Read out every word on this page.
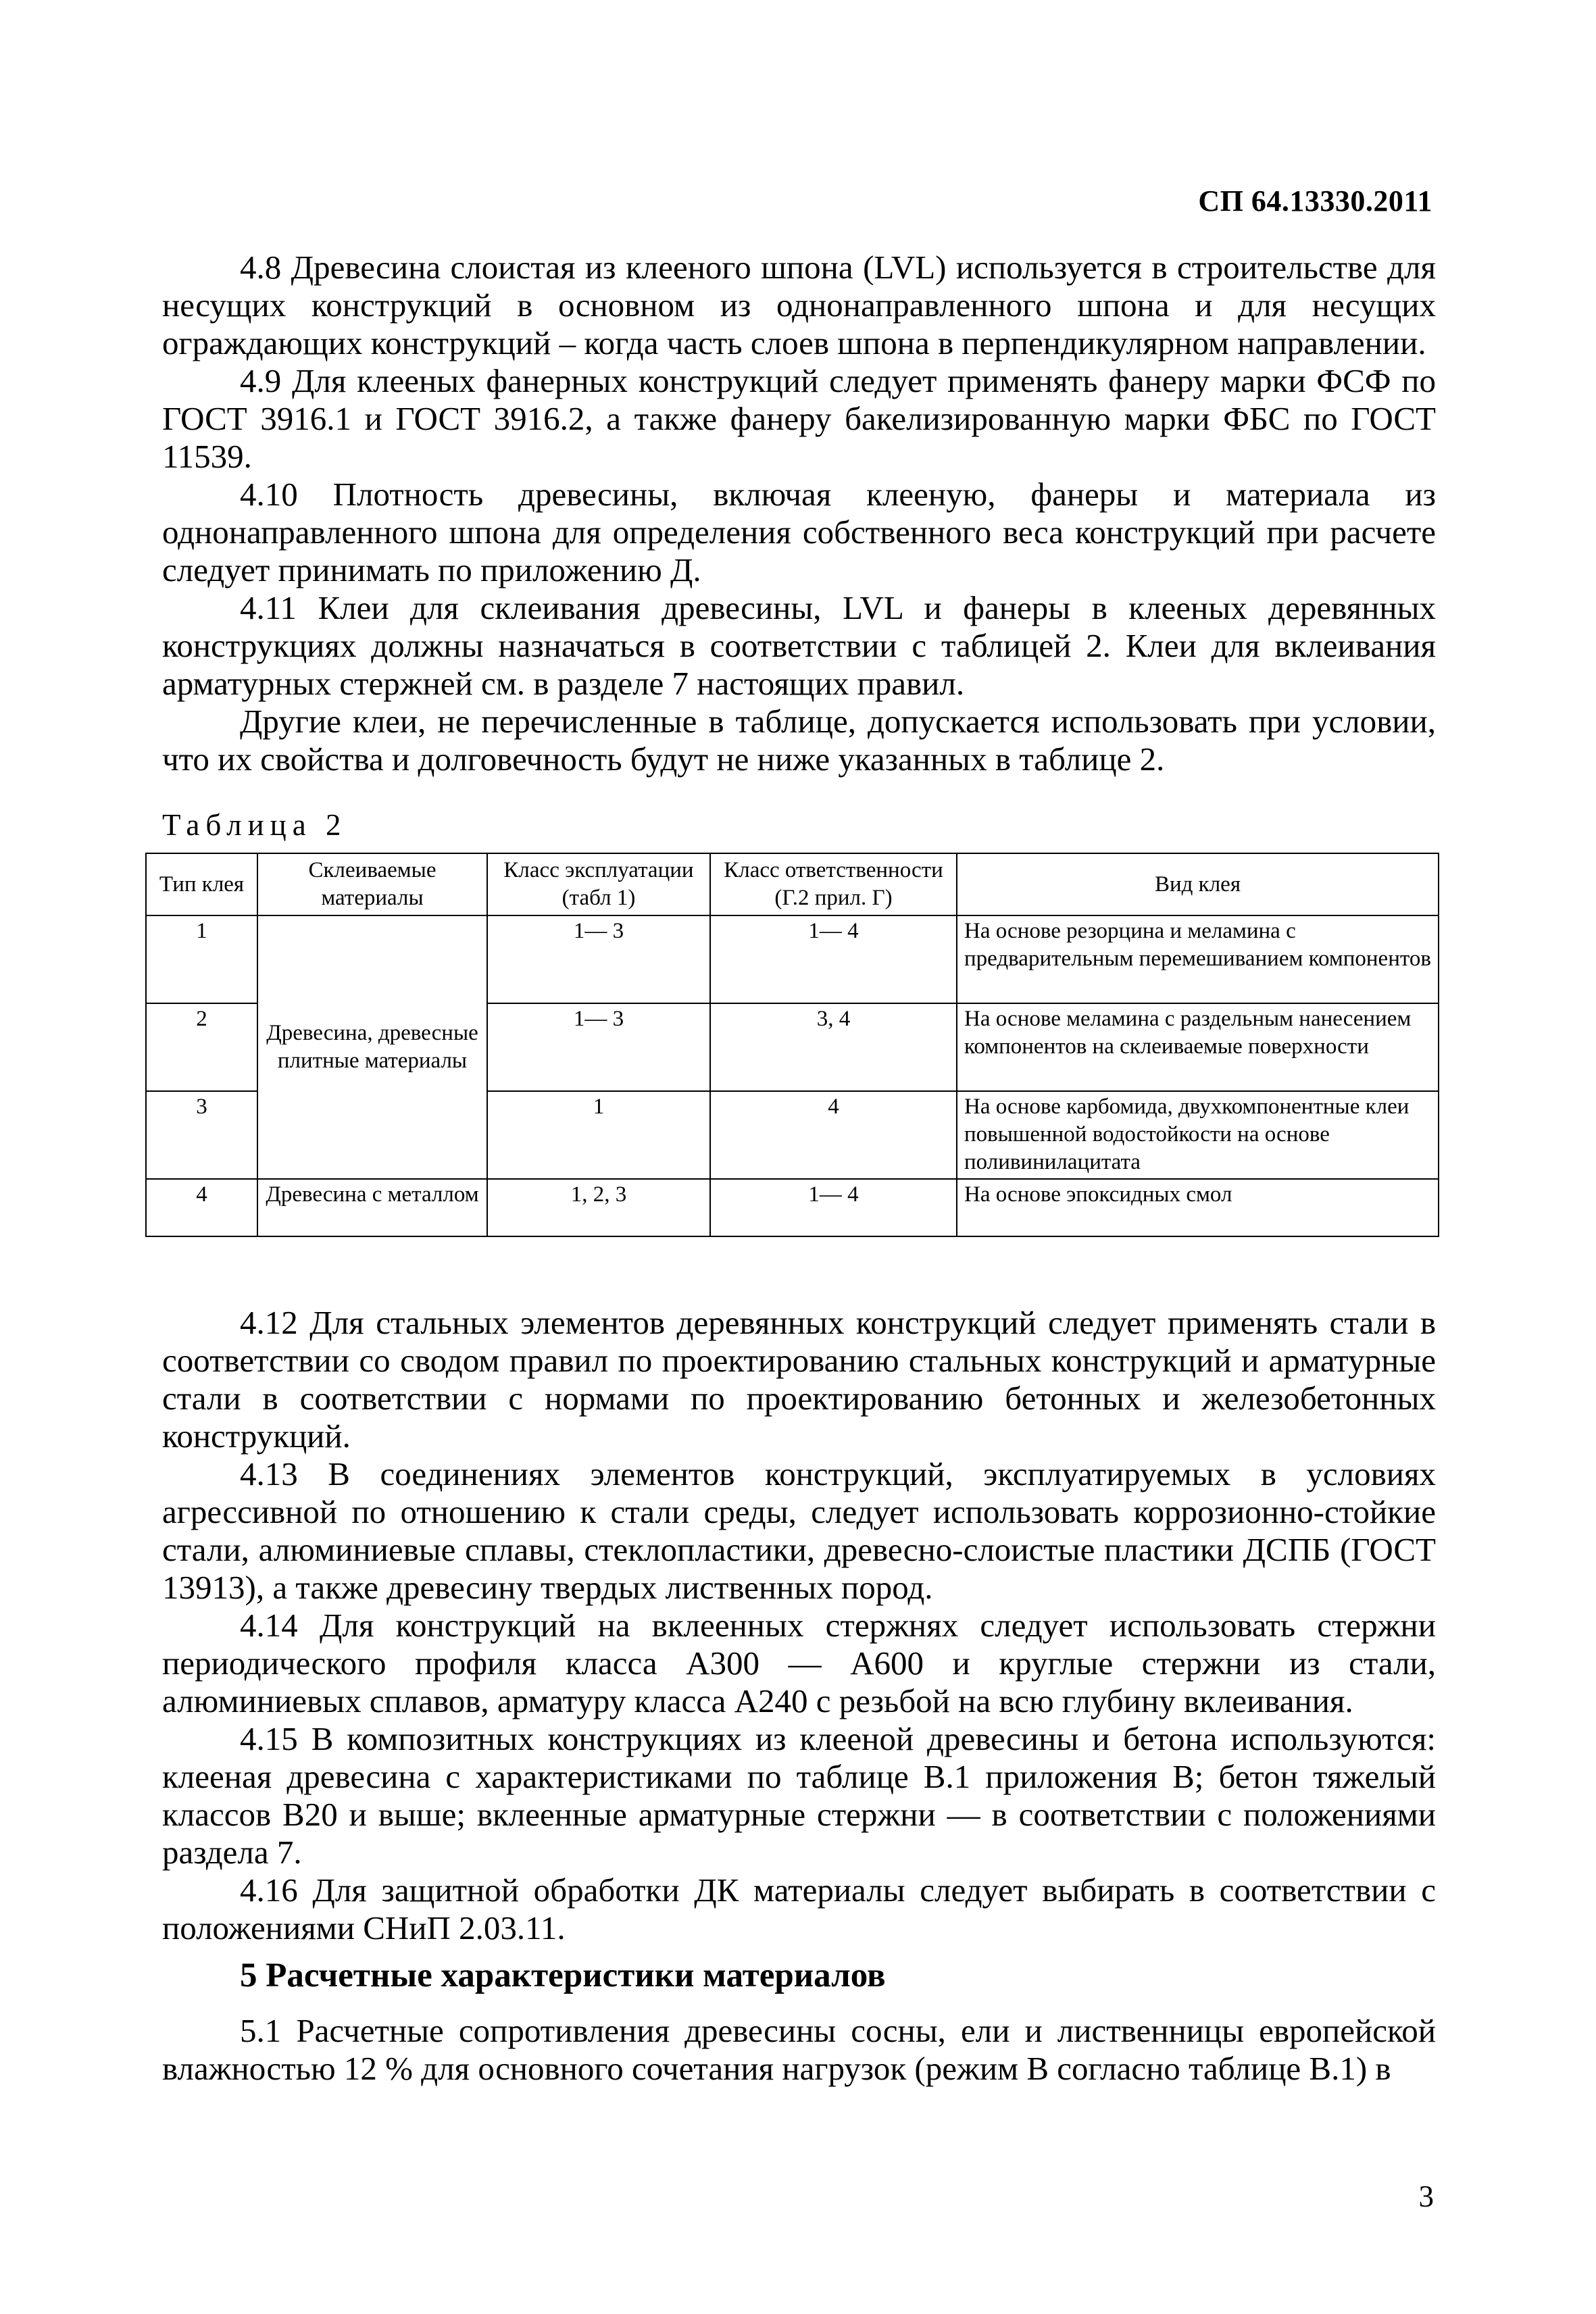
СП 64.13330.2011

4.8 Древесина слоистая из клееного шпона (LVL) используется в строительстве для несущих конструкций в основном из однонаправленного шпона и для несущих ограждающих конструкций – когда часть слоев шпона в перпендикулярном направлении.

4.9 Для клееных фанерных конструкций следует применять фанеру марки ФСФ по ГОСТ 3916.1 и ГОСТ 3916.2, а также фанеру бакелизированную марки ФБС по ГОСТ 11539.

4.10 Плотность древесины, включая клееную, фанеры и материала из однонаправленного шпона для определения собственного веса конструкций при расчете следует принимать по приложению Д.

4.11 Клеи для склеивания древесины, LVL и фанеры в клееных деревянных конструкциях должны назначаться в соответствии с таблицей 2. Клеи для вклеивания арматурных стержней см. в разделе 7 настоящих правил.

Другие клеи, не перечисленные в таблице, допускается использовать при условии, что их свойства и долговечность будут не ниже указанных в таблице 2.

Таблица 2
Тип клея	Склеиваемые материалы	Класс эксплуатации (табл 1)	Класс ответственности (Г.2 прил. Г)	Вид клея
1	Древесина, древесные плитные материалы	1— 3	1— 4	На основе резорцина и меламина с предварительным перемешиванием компонентов
2		1— 3	3, 4	На основе меламина с раздельным нанесением компонентов на склеиваемые поверхности
3		1	4	На основе карбомида, двухкомпонентные клеи повышенной водостойкости на основе поливинилацитата
4	Древесина с металлом	1, 2, 3	1— 4	На основе эпоксидных смол

4.12 Для стальных элементов деревянных конструкций следует применять стали в соответствии со сводом правил по проектированию стальных конструкций и арматурные стали в соответствии с нормами по проектированию бетонных и железобетонных конструкций.

4.13 В соединениях элементов конструкций, эксплуатируемых в условиях агрессивной по отношению к стали среды, следует использовать коррозионно-стойкие стали, алюминиевые сплавы, стеклопластики, древесно-слоистые пластики ДСПБ (ГОСТ 13913), а также древесину твердых лиственных пород.

4.14 Для конструкций на вклеенных стержнях следует использовать стержни периодического профиля класса А300 — А600 и круглые стержни из стали, алюминиевых сплавов, арматуру класса А240 с резьбой на всю глубину вклеивания.

4.15 В композитных конструкциях из клееной древесины и бетона используются: клееная древесина с характеристиками по таблице В.1 приложения В; бетон тяжелый классов В20 и выше; вклеенные арматурные стержни — в соответствии с положениями раздела 7.

4.16 Для защитной обработки ДК материалы следует выбирать в соответствии с положениями СНиП 2.03.11.

5 Расчетные характеристики материалов

5.1 Расчетные сопротивления древесины сосны, ели и лиственницы европейской влажностью 12 % для основного сочетания нагрузок (режим В согласно таблице В.1) в

3
